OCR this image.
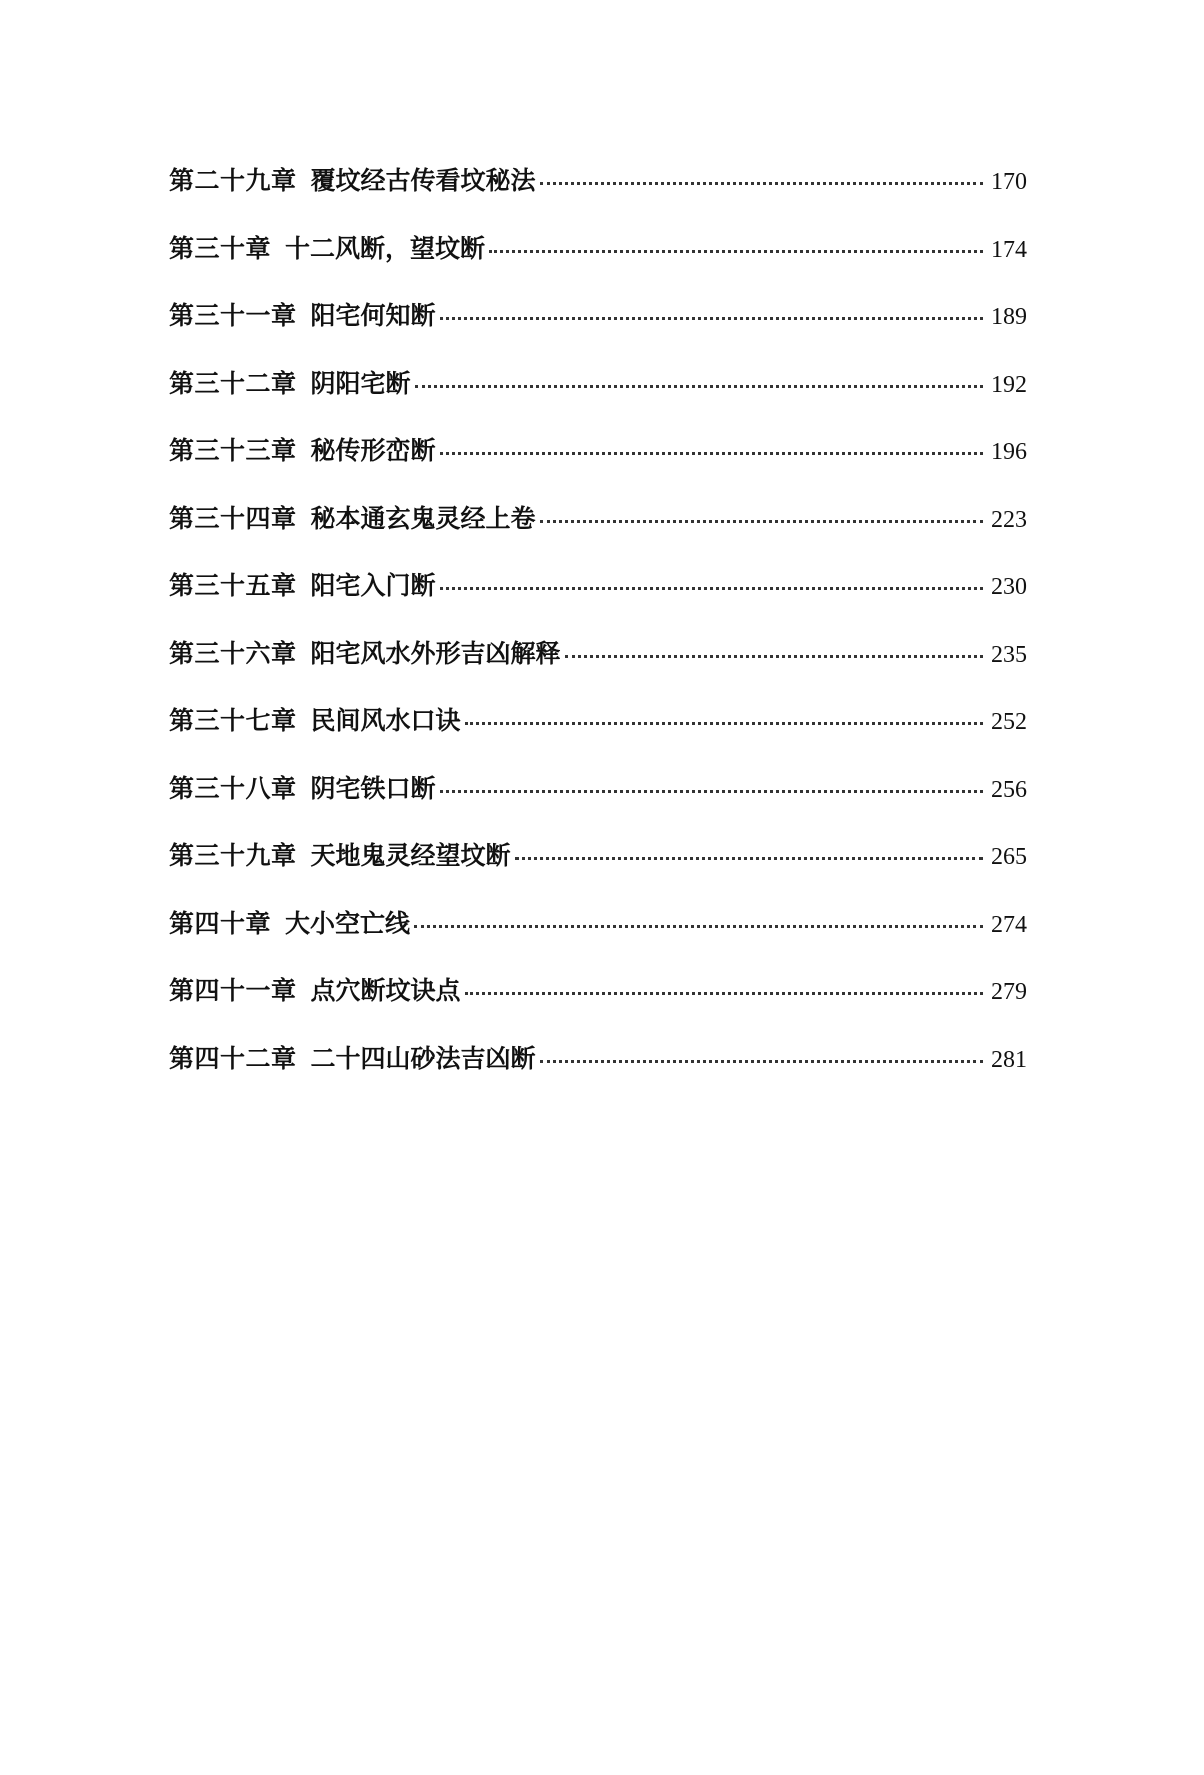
第二十九章 覆坟经古传看坟秘法	170
第三十章 十二风断，望坟断	174
第三十一章 阳宅何知断	189
第三十二章 阴阳宅断	192
第三十三章 秘传形峦断	196
第三十四章 秘本通玄鬼灵经上卷	223
第三十五章 阳宅入门断	230
第三十六章 阳宅风水外形吉凶解释	235
第三十七章 民间风水口诀	252
第三十八章 阴宅铁口断	256
第三十九章 天地鬼灵经望坟断	265
第四十章 大小空亡线	274
第四十一章 点穴断坟诀点	279
第四十二章 二十四山砂法吉凶断	281
